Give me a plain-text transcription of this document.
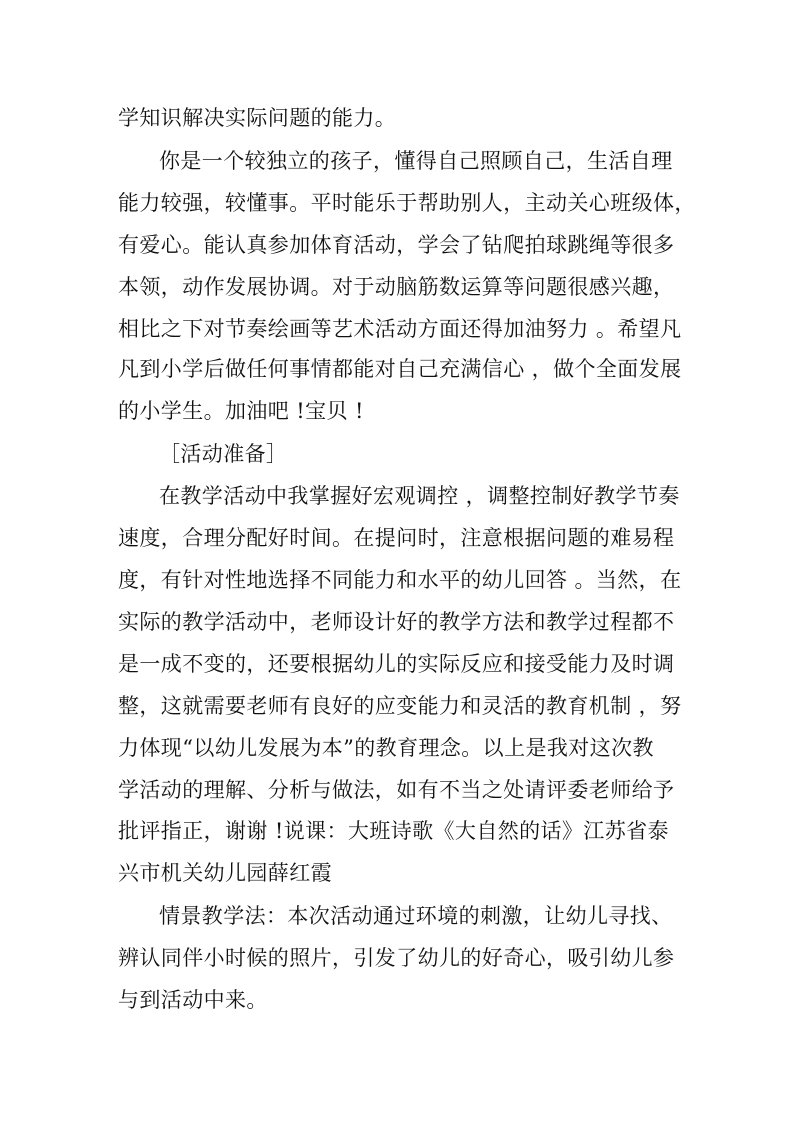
学知识解决实际问题的能力。
你是一个较独立的孩子，懂得自己照顾自己，生活自理
能力较强，较懂事。平时能乐于帮助别人，主动关心班级体，
有爱心。能认真参加体育活动，学会了钻爬拍球跳绳等很多
本领，动作发展协调。对于动脑筋数运算等问题很感兴趣，
相比之下对节奏绘画等艺术活动方面还得加油努力 。希望凡
凡到小学后做任何事情都能对自己充满信心 ，做个全面发展
的小学生。加油吧 !宝贝 !
［活动准备］
在教学活动中我掌握好宏观调控 ，调整控制好教学节奏
速度，合理分配好时间。在提问时，注意根据问题的难易程
度，有针对性地选择不同能力和水平的幼儿回答 。当然，在
实际的教学活动中，老师设计好的教学方法和教学过程都不
是一成不变的，还要根据幼儿的实际反应和接受能力及时调
整，这就需要老师有良好的应变能力和灵活的教育机制 ，努
力体现“以幼儿发展为本”的教育理念。以上是我对这次教
学活动的理解、分析与做法，如有不当之处请评委老师给予
批评指正，谢谢 !说课：大班诗歌《大自然的话》江苏省泰
兴市机关幼儿园薛红霞
情景教学法：本次活动通过环境的刺激，让幼儿寻找、
辨认同伴小时候的照片，引发了幼儿的好奇心，吸引幼儿参
与到活动中来。
